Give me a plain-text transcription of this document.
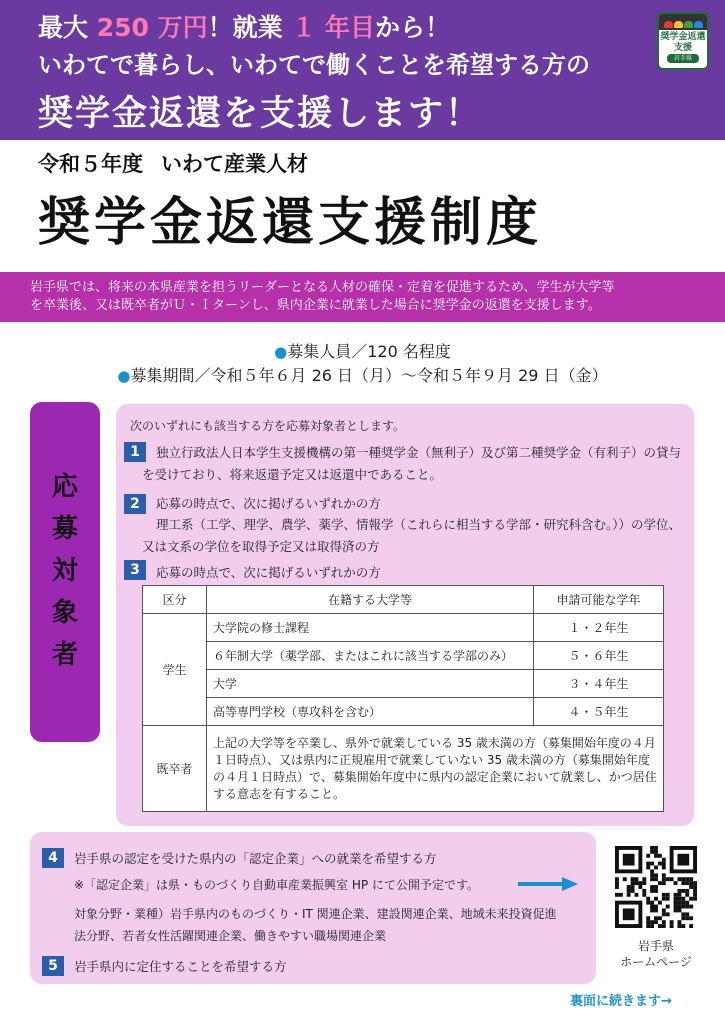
最大 250 万円！就業 １ 年目から！
いわてで暮らし、いわてで働くことを希望する方の
奨学金返還を支援します！
奨学金返還支援
岩手県
令和５年度 いわて産業人材
奨学金返還支援制度
岩手県では、将来の本県産業を担うリーダーとなる人材の確保・定着を促進するため、学生が大学等
を卒業後、又は既卒者がＵ・Ｉターンし、県内企業に就業した場合に奨学金の返還を支援します。
●募集人員／120 名程度
●募集期間／令和５年６月 26 日（月）～令和５年９月 29 日（金）
応
募
対
象
者
次のいずれにも該当する方を応募対象者とします。
1	独立行政法人日本学生支援機構の第一種奨学金（無利子）及び第二種奨学金（有利子）の貸与
を受けており、将来返還予定又は返還中であること。
2	応募の時点で、次に掲げるいずれかの方
理工系（工学、理学、農学、薬学、情報学（これらに相当する学部・研究科含む。））の学位、
又は文系の学位を取得予定又は取得済の方
3	応募の時点で、次に掲げるいずれかの方
区分	在籍する大学等	申請可能な学年
学生	大学院の修士課程	１・２年生
	６年制大学（薬学部、またはこれに該当する学部のみ）	５・６年生
	大学	３・４年生
	高等専門学校（専攻科を含む）	４・５年生
既卒者	上記の大学等を卒業し、県外で就業している 35 歳未満の方（募集開始年度の４月１日時点）、又は県内に正規雇用で就業していない 35 歳未満の方（募集開始年度の４月１日時点）で、募集開始年度中に県内の認定企業において就業し、かつ居住する意志を有すること。	
4	岩手県の認定を受けた県内の「認定企業」への就業を希望する方
※「認定企業」は県・ものづくり自動車産業振興室 HP にて公開予定です。
対象分野・業種）岩手県内のものづくり・IT 関連企業、建設関連企業、地域未来投資促進
法分野、若者女性活躍関連企業、働きやすい職場関連企業
5	岩手県内に定住することを希望する方
岩手県
ホームページ
裏面に続きます→
